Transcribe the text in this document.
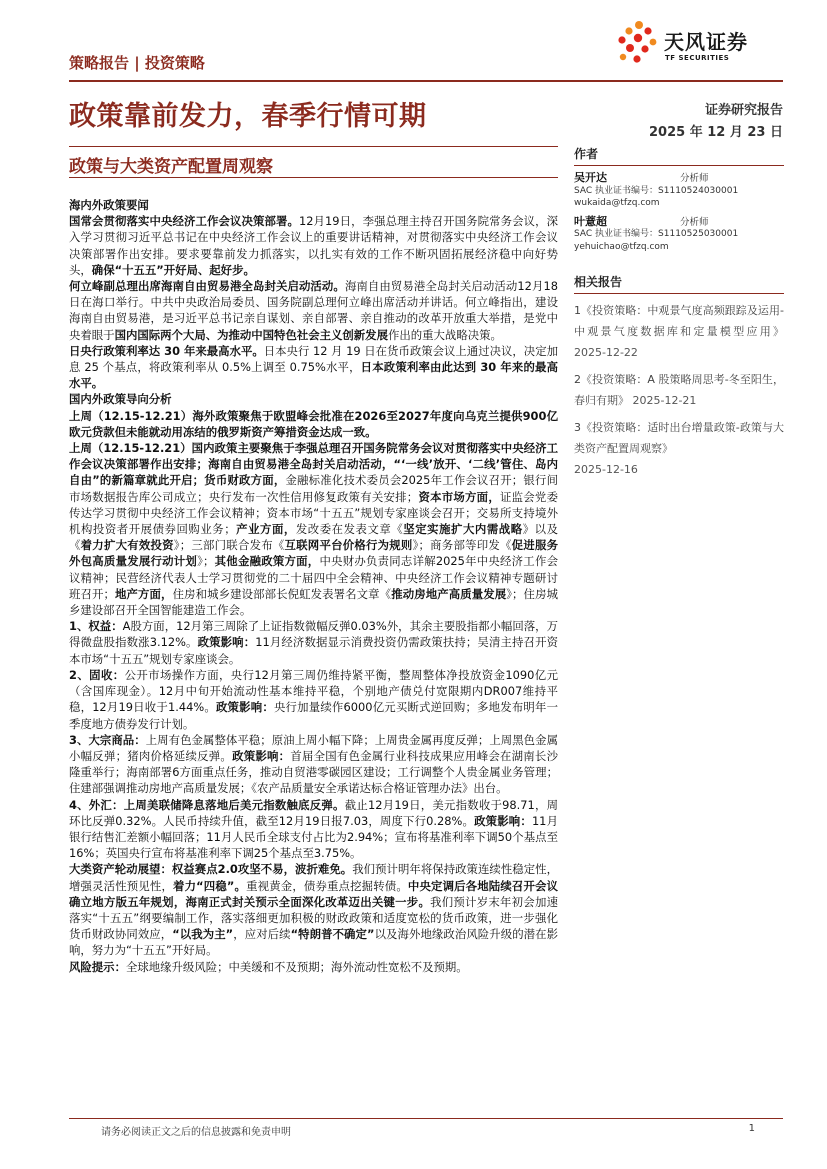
天风证券
TF SECURITIES
策略报告 | 投资策略
政策靠前发力，春季行情可期	证券研究报告
2025 年 12 月 23 日
政策与大类资产配置周观察

海内外政策要闻

国常会贯彻落实中央经济工作会议决策部署。12月19日，李强总理主持召开国务院常务会议，深入学习贯彻习近平总书记在中央经济工作会议上的重要讲话精神，对贯彻落实中央经济工作会议决策部署作出安排。要求要靠前发力抓落实，以扎实有效的工作不断巩固拓展经济稳中向好势头，确保“十五五”开好局、起好步。

何立峰副总理出席海南自由贸易港全岛封关启动活动。海南自由贸易港全岛封关启动活动12月18日在海口举行。中共中央政治局委员、国务院副总理何立峰出席活动并讲话。何立峰指出，建设海南自由贸易港，是习近平总书记亲自谋划、亲自部署、亲自推动的改革开放重大举措，是党中央着眼于国内国际两个大局、为推动中国特色社会主义创新发展作出的重大战略决策。

日央行政策利率达 30 年来最高水平。日本央行 12 月 19 日在货币政策会议上通过决议，决定加息 25 个基点，将政策利率从 0.5%上调至 0.75%水平，日本政策利率由此达到 30 年来的最高水平。

国内外政策导向分析

上周（12.15-12.21）海外政策聚焦于欧盟峰会批准在2026至2027年度向乌克兰提供900亿欧元贷款但未能就动用冻结的俄罗斯资产筹措资金达成一致。

上周（12.15-12.21）国内政策主要聚焦于李强总理召开国务院常务会议对贯彻落实中央经济工作会议决策部署作出安排；海南自由贸易港全岛封关启动活动，“‘一线’放开、‘二线’管住、岛内自由”的新篇章就此开启；货币财政方面，金融标准化技术委员会2025年工作会议召开；银行间市场数据报告库公司成立；央行发布一次性信用修复政策有关安排；资本市场方面，证监会党委传达学习贯彻中央经济工作会议精神；资本市场“十五五”规划专家座谈会召开；交易所支持境外机构投资者开展债券回购业务；产业方面，发改委在发表文章《坚定实施扩大内需战略》以及《着力扩大有效投资》；三部门联合发布《互联网平台价格行为规则》；商务部等印发《促进服务外包高质量发展行动计划》；其他金融政策方面，中央财办负责同志详解2025年中央经济工作会议精神；民营经济代表人士学习贯彻党的二十届四中全会精神、中央经济工作会议精神专题研讨班召开；地产方面，住房和城乡建设部部长倪虹发表署名文章《推动房地产高质量发展》；住房城乡建设部召开全国智能建造工作会。

1、权益：A股方面，12月第三周除了上证指数微幅反弹0.03%外，其余主要股指都小幅回落，万得微盘股指数涨3.12%。政策影响：11月经济数据显示消费投资仍需政策扶持；吴清主持召开资本市场“十五五”规划专家座谈会。

2、固收：公开市场操作方面，央行12月第三周仍维持紧平衡，整周整体净投放资金1090亿元（含国库现金）。12月中旬开始流动性基本维持平稳，个别地产债兑付宽限期内DR007维持平稳，12月19日收于1.44%。政策影响：央行加量续作6000亿元买断式逆回购；多地发布明年一季度地方债券发行计划。

3、大宗商品：上周有色金属整体平稳；原油上周小幅下降；上周贵金属再度反弹；上周黑色金属小幅反弹；猪肉价格延续反弹。政策影响：首届全国有色金属行业科技成果应用峰会在湖南长沙隆重举行；海南部署6方面重点任务，推动自贸港零碳园区建设；工行调整个人贵金属业务管理；住建部强调推动房地产高质量发展；《农产品质量安全承诺达标合格证管理办法》出台。

4、外汇：上周美联储降息落地后美元指数触底反弹。截止12月19日，美元指数收于98.71，周环比反弹0.32%。人民币持续升值，截至12月19日报7.03，周度下行0.28%。政策影响：11月银行结售汇差额小幅回落；11月人民币全球支付占比为2.94%；宣布将基准利率下调50个基点至16%；英国央行宣布将基准利率下调25个基点至3.75%。

大类资产轮动展望：权益赛点2.0攻坚不易，波折难免。我们预计明年将保持政策连续性稳定性，增强灵活性预见性，着力“四稳”。重视黄金，债券重点挖掘转债。中央定调后各地陆续召开会议确立地方版五年规划，海南正式封关预示全面深化改革迈出关键一步。我们预计岁末年初会加速落实“十五五”纲要编制工作，落实落细更加积极的财政政策和适度宽松的货币政策，进一步强化货币财政协同效应，“以我为主”，应对后续“特朗普不确定”以及海外地缘政治风险升级的潜在影响，努力为“十五五”开好局。

风险提示：全球地缘升级风险；中美缓和不及预期；海外流动性宽松不及预期。

作者
吴开达	分析师
SAC 执业证书编号：S1110524030001
wukaida@tfzq.com
叶薏超	分析师
SAC 执业证书编号：S1110525030001
yehuichao@tfzq.com
相关报告
1《投资策略：中观景气度高频跟踪及运用-中观景气度数据库和定量模型应用》 2025-12-22
2《投资策略：A 股策略周思考-冬至阳生，春归有期》 2025-12-21
3《投资策略：适时出台增量政策-政策与大类资产配置周观察》
2025-12-16
请务必阅读正文之后的信息披露和免责申明	1
